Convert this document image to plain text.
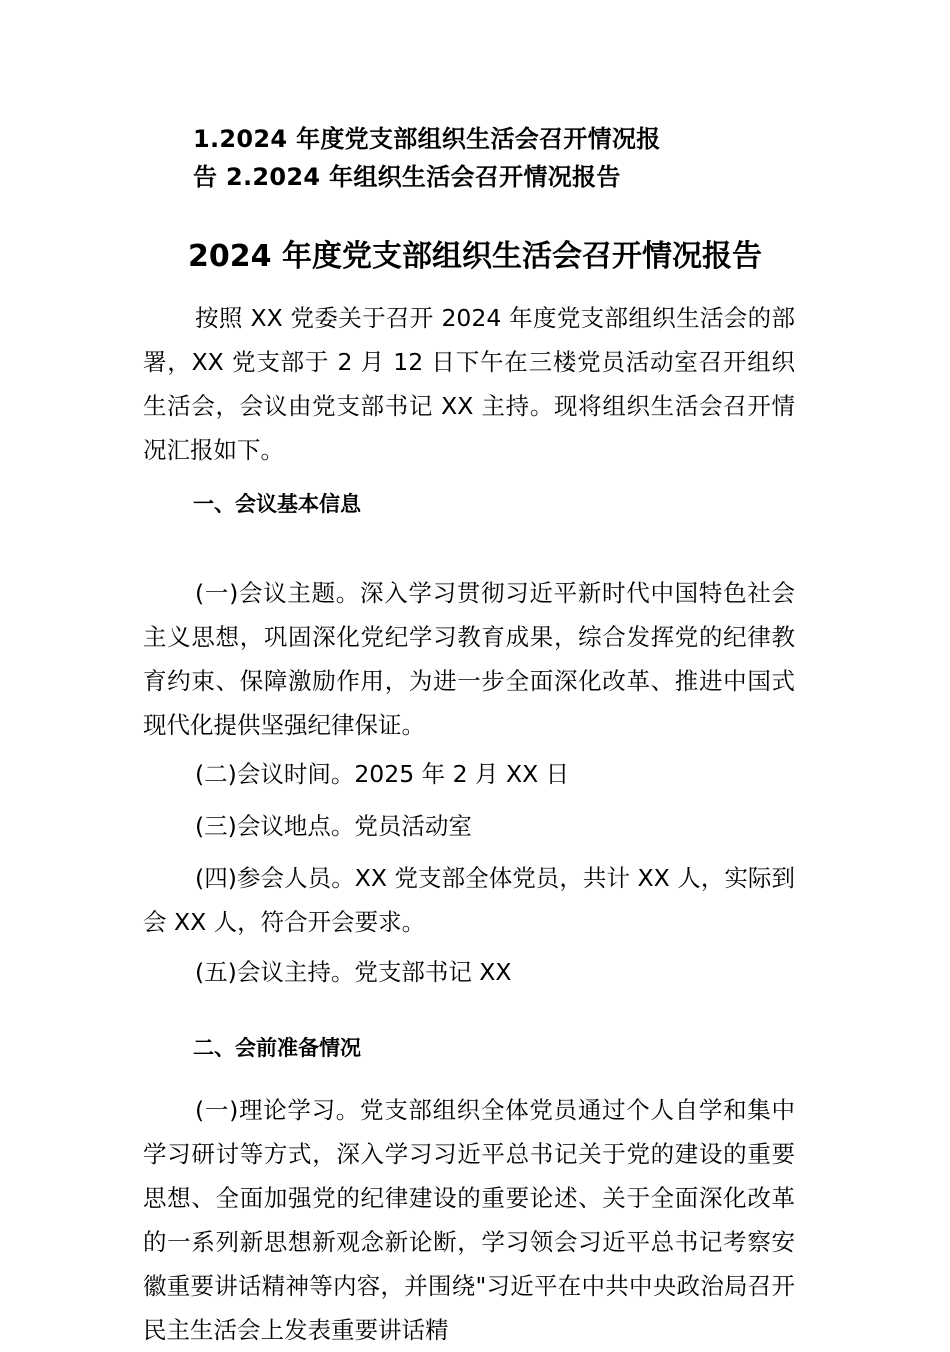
1.2024 年度党支部组织生活会召开情况报
告 2.2024 年组织生活会召开情况报告
2024 年度党支部组织生活会召开情况报告
按照 XX 党委关于召开 2024 年度党支部组织生活会的部署，XX 党支部于 2 月 12 日下午在三楼党员活动室召开组织生活会，会议由党支部书记 XX 主持。现将组织生活会召开情况汇报如下。
一、会议基本信息
(一)会议主题。深入学习贯彻习近平新时代中国特色社会主义思想，巩固深化党纪学习教育成果，综合发挥党的纪律教育约束、保障激励作用，为进一步全面深化改革、推进中国式现代化提供坚强纪律保证。
(二)会议时间。2025 年 2 月 XX 日
(三)会议地点。党员活动室
(四)参会人员。XX 党支部全体党员，共计 XX 人，实际到会 XX 人，符合开会要求。
(五)会议主持。党支部书记 XX
二、会前准备情况
(一)理论学习。党支部组织全体党员通过个人自学和集中学习研讨等方式，深入学习习近平总书记关于党的建设的重要思想、全面加强党的纪律建设的重要论述、关于全面深化改革的一系列新思想新观念新论断，学习领会习近平总书记考察安徽重要讲话精神等内容，并围绕"习近平在中共中央政治局召开民主生活会上发表重要讲话精
